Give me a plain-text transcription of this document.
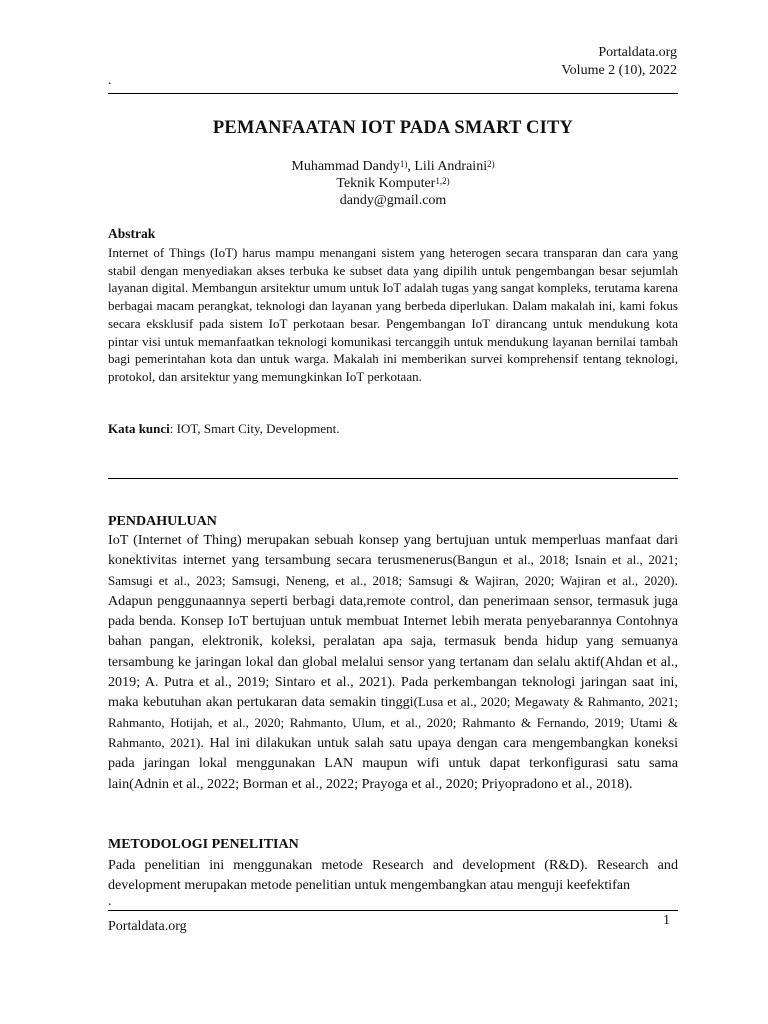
Portaldata.org
Volume 2 (10), 2022
.
PEMANFAATAN IOT PADA SMART CITY
Muhammad Dandy$^{1)}$, Lili Andraini$^{2)}$
Teknik Komputer$^{1,2)}$
dandy@gmail.com
Abstrak
Internet of Things (IoT) harus mampu menangani sistem yang heterogen secara transparan dan cara yang stabil dengan menyediakan akses terbuka ke subset data yang dipilih untuk pengembangan besar sejumlah layanan digital. Membangun arsitektur umum untuk IoT adalah tugas yang sangat kompleks, terutama karena berbagai macam perangkat, teknologi dan layanan yang berbeda diperlukan. Dalam makalah ini, kami fokus secara eksklusif pada sistem IoT perkotaan besar. Pengembangan IoT dirancang untuk mendukung kota pintar visi untuk memanfaatkan teknologi komunikasi tercanggih untuk mendukung layanan bernilai tambah bagi pemerintahan kota dan untuk warga. Makalah ini memberikan survei komprehensif tentang teknologi, protokol, dan arsitektur yang memungkinkan IoT perkotaan.
Kata kunci: IOT, Smart City, Development.
PENDAHULUAN
IoT (Internet of Thing) merupakan sebuah konsep yang bertujuan untuk memperluas manfaat dari konektivitas internet yang tersambung secara terusmenerus(Bangun et al., 2018; Isnain et al., 2021; Samsugi et al., 2023; Samsugi, Neneng, et al., 2018; Samsugi & Wajiran, 2020; Wajiran et al., 2020). Adapun penggunaannya seperti berbagi data,remote control, dan penerimaan sensor, termasuk juga pada benda. Konsep IoT bertujuan untuk membuat Internet lebih merata penyebarannya Contohnya bahan pangan, elektronik, koleksi, peralatan apa saja, termasuk benda hidup yang semuanya tersambung ke jaringan lokal dan global melalui sensor yang tertanam dan selalu aktif(Ahdan et al., 2019; A. Putra et al., 2019; Sintaro et al., 2021). Pada perkembangan teknologi jaringan saat ini, maka kebutuhan akan pertukaran data semakin tinggi(Lusa et al., 2020; Megawaty & Rahmanto, 2021; Rahmanto, Hotijah, et al., 2020; Rahmanto, Ulum, et al., 2020; Rahmanto & Fernando, 2019; Utami & Rahmanto, 2021). Hal ini dilakukan untuk salah satu upaya dengan cara mengembangkan koneksi pada jaringan lokal menggunakan LAN maupun wifi untuk dapat terkonfigurasi satu sama lain(Adnin et al., 2022; Borman et al., 2022; Prayoga et al., 2020; Priyopradono et al., 2018).
METODOLOGI PENELITIAN
Pada penelitian ini menggunakan metode Research and development (R&D). Research and development merupakan metode penelitian untuk mengembangkan atau menguji keefektifan
.
Portaldata.org	1
